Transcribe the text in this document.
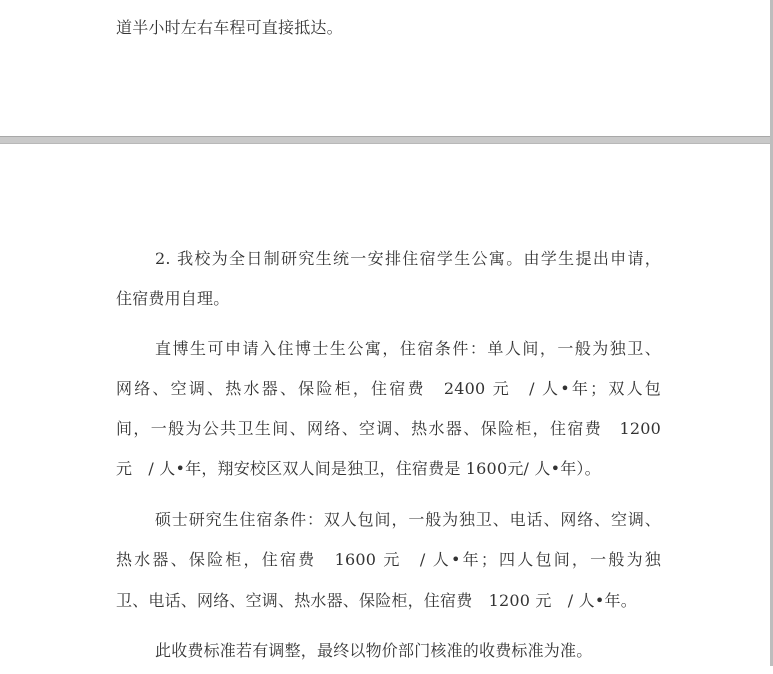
道半小时左右车程可直接抵达。

2. 我校为全日制研究生统一安排住宿学生公寓。由学生提出申请，

住宿费用自理。

直博生可申请入住博士生公寓，住宿条件：单人间，一般为独卫、

网络、空调、热水器、保险柜，住宿费　2400 元　/ 人•年；双人包

间，一般为公共卫生间、网络、空调、热水器、保险柜，住宿费　1200

元　/ 人•年，翔安校区双人间是独卫，住宿费是 1600元/ 人•年）。

硕士研究生住宿条件：双人包间，一般为独卫、电话、网络、空调、

热水器、保险柜，住宿费　1600 元　/ 人•年；四人包间，一般为独

卫、电话、网络、空调、热水器、保险柜，住宿费　1200 元　/ 人•年。

此收费标准若有调整，最终以物价部门核准的收费标准为准。
